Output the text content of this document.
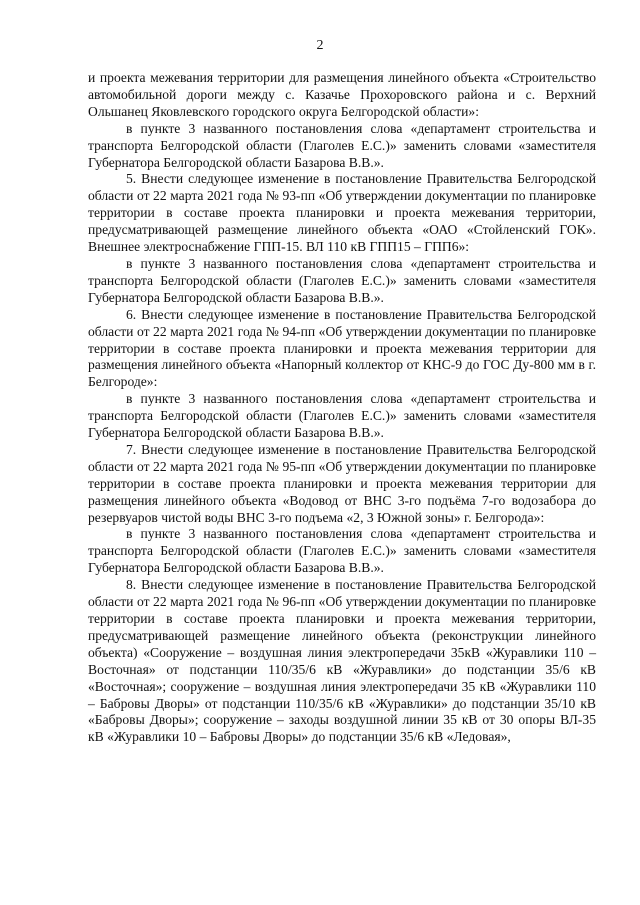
2

и проекта межевания территории для размещения линейного объекта «Строительство автомобильной дороги между с. Казачье Прохоровского района и с. Верхний Ольшанец Яковлевского городского округа Белгородской области»:

в пункте 3 названного постановления слова «департамент строительства и транспорта Белгородской области (Глаголев Е.С.)» заменить словами «заместителя Губернатора Белгородской области Базарова В.В.».

5. Внести следующее изменение в постановление Правительства Белгородской области от 22 марта 2021 года № 93-пп «Об утверждении документации по планировке территории в составе проекта планировки и проекта межевания территории, предусматривающей размещение линейного объекта «ОАО «Стойленский ГОК». Внешнее электроснабжение ГПП-15. ВЛ 110 кВ ГПП15 – ГПП6»:

в пункте 3 названного постановления слова «департамент строительства и транспорта Белгородской области (Глаголев Е.С.)» заменить словами «заместителя Губернатора Белгородской области Базарова В.В.».

6. Внести следующее изменение в постановление Правительства Белгородской области от 22 марта 2021 года № 94-пп «Об утверждении документации по планировке территории в составе проекта планировки и проекта межевания территории для размещения линейного объекта «Напорный коллектор от КНС-9 до ГОС Ду-800 мм в г. Белгороде»:

в пункте 3 названного постановления слова «департамент строительства и транспорта Белгородской области (Глаголев Е.С.)» заменить словами «заместителя Губернатора Белгородской области Базарова В.В.».

7. Внести следующее изменение в постановление Правительства Белгородской области от 22 марта 2021 года № 95-пп «Об утверждении документации по планировке территории в составе проекта планировки и проекта межевания территории для размещения линейного объекта «Водовод от ВНС 3-го подъёма 7-го водозабора до резервуаров чистой воды ВНС 3-го подъема «2, 3 Южной зоны» г. Белгорода»:

в пункте 3 названного постановления слова «департамент строительства и транспорта Белгородской области (Глаголев Е.С.)» заменить словами «заместителя Губернатора Белгородской области Базарова В.В.».

8. Внести следующее изменение в постановление Правительства Белгородской области от 22 марта 2021 года № 96-пп «Об утверждении документации по планировке территории в составе проекта планировки и проекта межевания территории, предусматривающей размещение линейного объекта (реконструкции линейного объекта) «Сооружение – воздушная линия электропередачи 35кВ «Журавлики 110 – Восточная» от подстанции 110/35/6 кВ «Журавлики» до подстанции 35/6 кВ «Восточная»; сооружение – воздушная линия электропередачи 35 кВ «Журавлики 110 – Бабровы Дворы» от подстанции 110/35/6 кВ «Журавлики» до подстанции 35/10 кВ «Бабровы Дворы»; сооружение – заходы воздушной линии 35 кВ от 30 опоры ВЛ-35 кВ «Журавлики 10 – Бабровы Дворы» до подстанции 35/6 кВ «Ледовая»,
